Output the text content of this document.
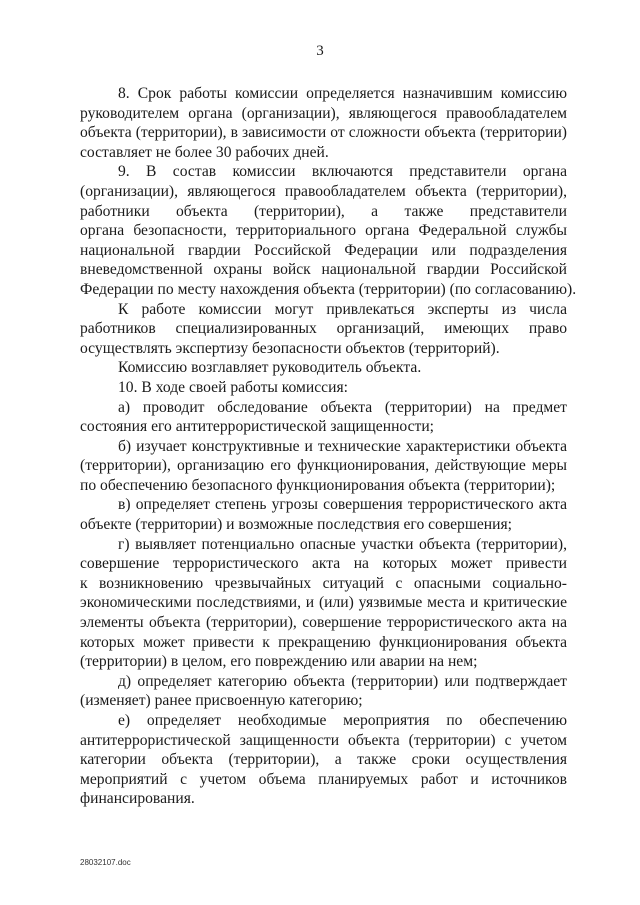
3
8. Срок работы комиссии определяется назначившим комиссию
руководителем органа (организации), являющегося правообладателем
объекта (территории), в зависимости от сложности объекта (территории)
составляет не более 30 рабочих дней.
9. В состав комиссии включаются представители органа
(организации), являющегося правообладателем объекта (территории),
работники объекта (территории), а также представители
органа безопасности, территориального органа Федеральной службы
национальной гвардии Российской Федерации или подразделения
вневедомственной охраны войск национальной гвардии Российской
Федерации по месту нахождения объекта (территории) (по согласованию).
К работе комиссии могут привлекаться эксперты из числа
работников специализированных организаций, имеющих право
осуществлять экспертизу безопасности объектов (территорий).
Комиссию возглавляет руководитель объекта.
10. В ходе своей работы комиссия:
а) проводит обследование объекта (территории) на предмет
состояния его антитеррористической защищенности;
б) изучает конструктивные и технические характеристики объекта
(территории), организацию его функционирования, действующие меры
по обеспечению безопасного функционирования объекта (территории);
в) определяет степень угрозы совершения террористического акта
объекте (территории) и возможные последствия его совершения;
г) выявляет потенциально опасные участки объекта (территории),
совершение террористического акта на которых может привести
к возникновению чрезвычайных ситуаций с опасными социально-
экономическими последствиями, и (или) уязвимые места и критические
элементы объекта (территории), совершение террористического акта на
которых может привести к прекращению функционирования объекта
(территории) в целом, его повреждению или аварии на нем;
д) определяет категорию объекта (территории) или подтверждает
(изменяет) ранее присвоенную категорию;
е) определяет необходимые мероприятия по обеспечению
антитеррористической защищенности объекта (территории) с учетом
категории объекта (территории), а также сроки осуществления
мероприятий с учетом объема планируемых работ и источников
финансирования.
28032107.doc
